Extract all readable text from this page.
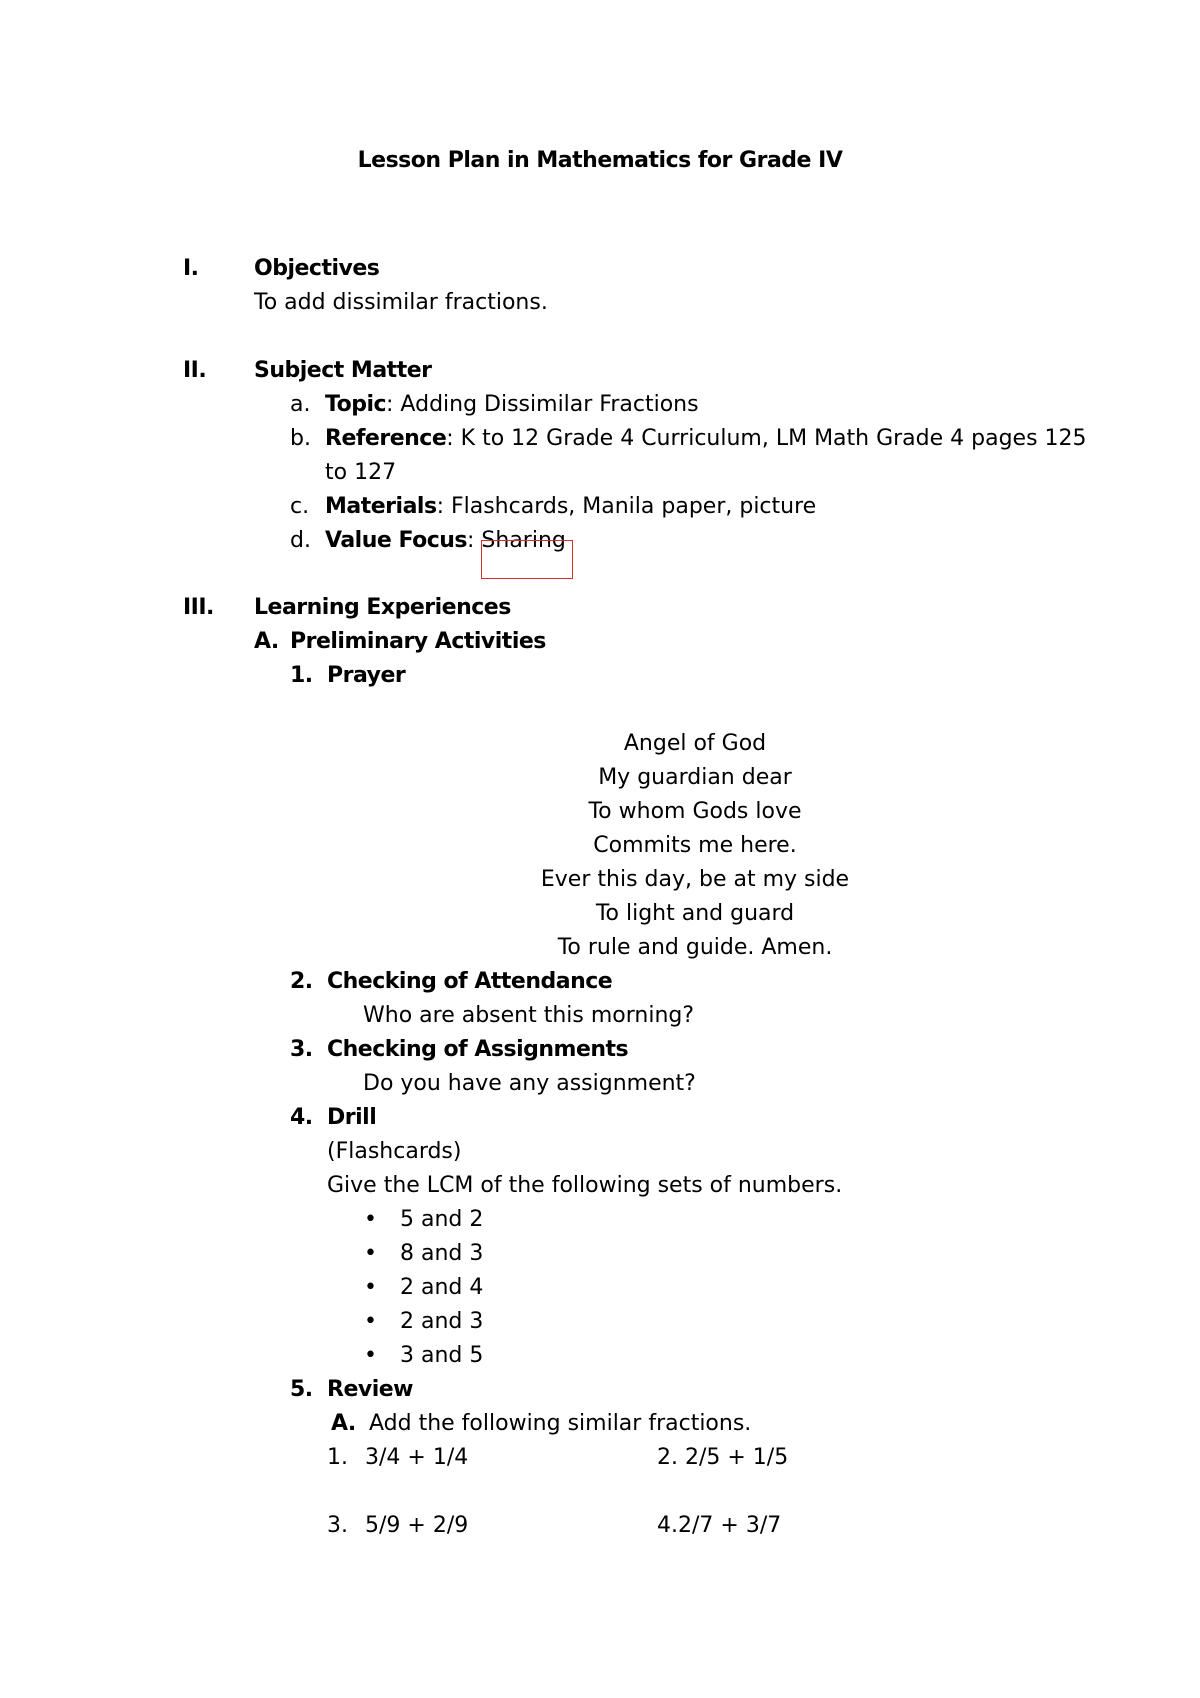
Lesson Plan in Mathematics for Grade IV
I.	Objectives
To add dissimilar fractions.
II. Subject Matter
a. Topic: Adding Dissimilar Fractions
b. Reference: K to 12 Grade 4 Curriculum, LM Math Grade 4 pages 125
to 127
c. Materials: Flashcards, Manila paper, picture
d. Value Focus: Sharing
III. Learning Experiences
A. Preliminary Activities
1. Prayer
Angel of God
My guardian dear
To whom Gods love
Commits me here.
Ever this day, be at my side
To light and guard
To rule and guide. Amen.
2. Checking of Attendance
Who are absent this morning?
3. Checking of Assignments
Do you have any assignment?
4. Drill
(Flashcards)
Give the LCM of the following sets of numbers.
• 5 and 2
• 8 and 3
• 2 and 4
• 2 and 3
• 3 and 5
5. Review
A. Add the following similar fractions.
1. 3/4 + 1/4	2. 2/5 + 1/5
3. 5/9 + 2/9	4.2/7 + 3/7
